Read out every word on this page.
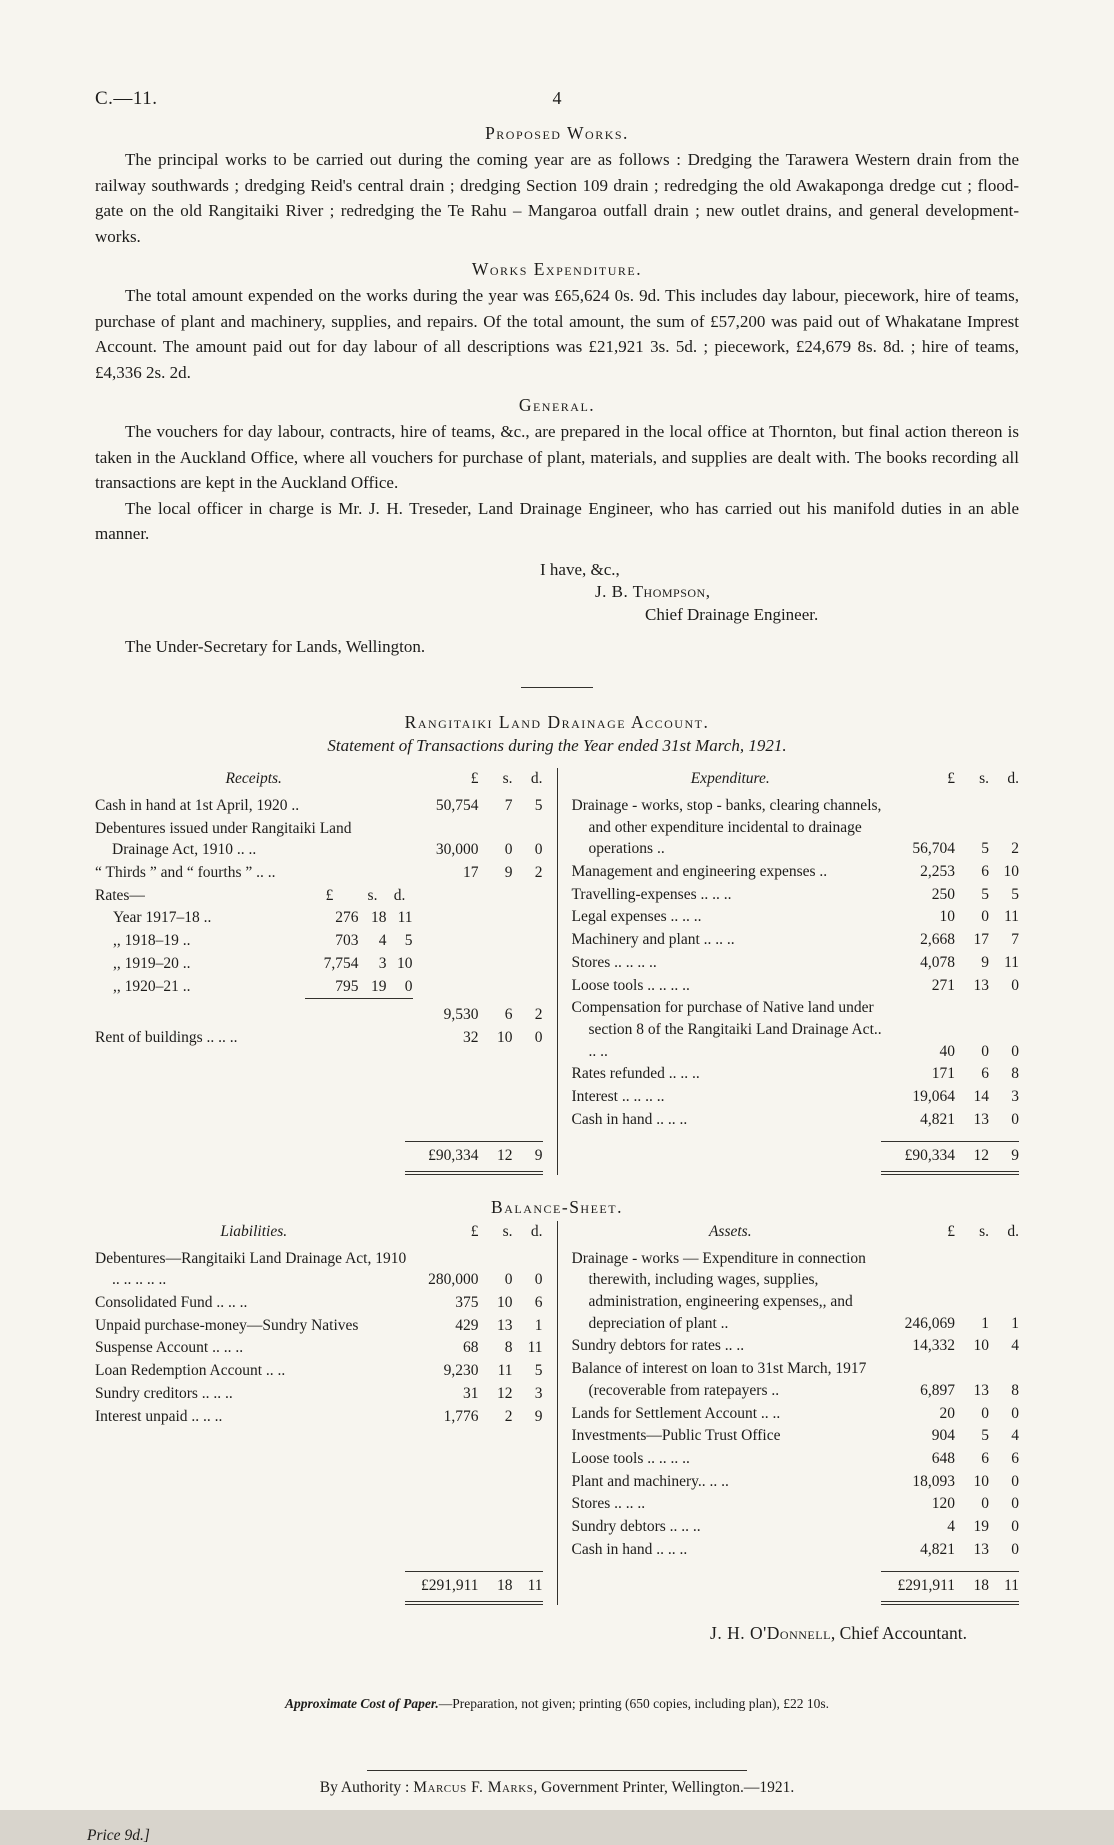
C.—11.	4
Proposed Works.

The principal works to be carried out during the coming year are as follows : Dredging the Tarawera Western drain from the railway southwards ; dredging Reid's central drain ; dredging Section 109 drain ; redredging the old Awakaponga dredge cut ; flood-gate on the old Rangitaiki River ; redredging the Te Rahu – Mangaroa outfall drain ; new outlet drains, and general development-works.

Works Expenditure.

The total amount expended on the works during the year was £65,624 0s. 9d. This includes day labour, piecework, hire of teams, purchase of plant and machinery, supplies, and repairs. Of the total amount, the sum of £57,200 was paid out of Whakatane Imprest Account. The amount paid out for day labour of all descriptions was £21,921 3s. 5d. ; piecework, £24,679 8s. 8d. ; hire of teams, £4,336 2s. 2d.

General.

The vouchers for day labour, contracts, hire of teams, &c., are prepared in the local office at Thornton, but final action thereon is taken in the Auckland Office, where all vouchers for purchase of plant, materials, and supplies are dealt with. The books recording all transactions are kept in the Auckland Office.

The local officer in charge is Mr. J. H. Treseder, Land Drainage Engineer, who has carried out his manifold duties in an able manner.

I have, &c.,
J. B. Thompson,
Chief Drainage Engineer.

The Under-Secretary for Lands, Wellington.

Rangitaiki Land Drainage Account.

Statement of Transactions during the Year ended 31st March, 1921.

Receipts.	£	s.	d.
Cash in hand at 1st April, 1920 ..	50,754	7	5
Debentures issued under Rangitaiki Land Drainage Act, 1910 .. ..	30,000	0	0
“ Thirds ” and “ fourths ” .. ..	17	9	2
Rates—	£	s.	d.
Year 1917–18 ..	276 18 11
,, 1918–19 ..	703	4	5
,, 1919–20 ..	7,754	3 10
,, 1920–21 ..	795 19	0
9,530	6	2
Rent of buildings .. .. ..	32	10	0
£90,334	12	9
Expenditure.	£	s.	d.
Drainage - works, stop - banks, clearing channels, and other expenditure incidental to drainage operations ..	56,704	5	2
Management and engineering expenses ..	2,253	6 10
Travelling-expenses .. .. ..	250	5	5
Legal expenses .. .. ..	10	0 11
Machinery and plant .. .. ..	2,668	17	7
Stores .. .. .. ..	4,078	9 11
Loose tools .. .. .. ..	271	13	0
Compensation for purchase of Native land under section 8 of the Rangitaiki Land Drainage Act.. .. ..	40	0	0
Rates refunded .. .. ..	171	6	8
Interest .. .. .. ..	19,064	14	3
Cash in hand .. .. ..	4,821	13	0
£90,334	12	9
Balance-Sheet.
Liabilities.	£	s.	d.
Debentures—Rangitaiki Land Drainage Act, 1910 .. .. .. .. ..	280,000	0	0
Consolidated Fund .. .. ..	375	10	6
Unpaid purchase-money—Sundry Natives	429	13	1
Suspense Account .. .. ..	68	8 11
Loan Redemption Account .. ..	9,230	11	5
Sundry creditors .. .. ..	31	12	3
Interest unpaid .. .. ..	1,776	2	9
£291,911	18 11
Assets.	£	s.	d.
Drainage - works — Expenditure in connection therewith, including wages, supplies, administration, engineering expenses,, and depreciation of plant ..	246,069	1	1
Sundry debtors for rates .. ..	14,332	10	4
Balance of interest on loan to 31st March, 1917 (recoverable from ratepayers ..	6,897	13	8
Lands for Settlement Account .. ..	20	0	0
Investments—Public Trust Office	904	5	4
Loose tools .. .. .. ..	648	6	6
Plant and machinery.. .. ..	18,093	10	0
Stores .. .. ..	120	0	0
Sundry debtors .. .. ..	4	19	0
Cash in hand .. .. ..	4,821	13	0
£291,911	18 11

J. H. O'Donnell, Chief Accountant.

Approximate Cost of Paper.—Preparation, not given; printing (650 copies, including plan), £22 10s.

By Authority : Marcus F. Marks, Government Printer, Wellington.—1921.

Price 9d.]
